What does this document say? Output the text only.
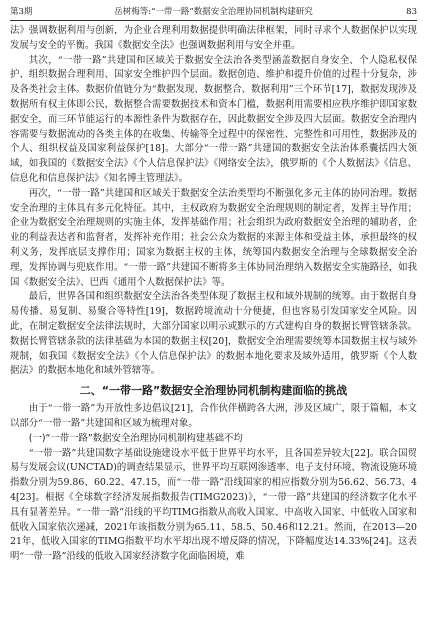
第3期	岳树梅等:“一带一路”数据安全治理协同机制构建研究	83

法》强调数据利用与创新，为企业合理利用数据提供明确法律框架，同时寻求个人数据保护以实现发展与安全的平衡。我国《数据安全法》也强调数据利用与安全并重。

其次，“一带一路”共建国和区域关于数据安全法治各类型涵盖数据自身安全、个人隐私权保护、组织数据合理利用、国家安全维护四个层面。数据创造、维护和提升价值的过程十分复杂，涉及各类社会主体。数据价值链分为“数据发现、数据整合、数据利用”三个环节[17]，数据发现涉及数据所有权主体即公民，数据整合需要数据技术和资本门槛，数据利用需要相应秩序维护即国家数据安全，而三环节能运行的本源性条件为数据存在，因此数据安全涉及四大层面。数据安全治理内容需要与数据流动的各类主体的在收集、传输等全过程中的保密性、完整性和可用性，数据涉及的个人、组织权益及国家利益保护[18]。大部分“一带一路”共建国的数据安全法治体系囊括四大领域，如我国的《数据安全法》《个人信息保护法》《网络安全法》，俄罗斯的《个人数据法》《信息、信息化和信息保护法》《知名博主管理法》。

再次，“一带一路”共建国和区域关于数据安全法治类型均不断强化多元主体的协同治理。数据安全治理的主体具有多元化特征。其中，主权政府为数据安全治理规则的制定者，发挥主导作用；企业为数据安全治理规则的实施主体，发挥基础作用；社会组织为政府数据安全治理的辅助者，企业的利益表达者和监督者，发挥补充作用；社会公众为数据的来源主体和受益主体，承担最终的权利义务，发挥底层支撑作用；国家为数据主权的主体，统筹国内数据安全治理与全球数据安全治理，发挥协调与兜底作用。“一带一路”共建国不断将多主体协同治理纳入数据安全实施路径，如我国《数据安全法》、巴西《通用个人数据保护法》等。

最后，世界各国和组织数据安全法治各类型体现了数据主权和域外规制的统筹。由于数据自身易传播、易复制、易聚合等特性[19]，数据跨境流动十分便捷，但也容易引发国家安全风险。因此，在制定数据安全法律法规时，大部分国家以明示或默示的方式建构自身的数据长臂管辖条款。数据长臂管辖条款的法律基础为本国的数据主权[20]，数据安全治理需要统筹本国数据主权与域外规制，如我国《数据安全法》《个人信息保护法》的数据本地化要求及域外适用，俄罗斯《个人数据法》的数据本地化和域外管辖等。

二、“一带一路”数据安全治理协同机制构建面临的挑战

由于“一带一路”为开放性多边倡议[21]，合作伙伴横跨各大洲，涉及区域广，限于篇幅，本文以部分“一带一路”共建国和区域为梳理对象。

(一)“一带一路”数据安全治理协同机制构建基础不均

“一带一路”共建国数字基础设施建设水平低于世界平均水平，且各国差异较大[22]。联合国贸易与发展会议(UNCTAD)的调查结果显示，世界平均互联网渗透率、电子支付环境、物流设施环境指数分别为59.86、60.22、47.15，而“一带一路”沿线国家的相应指数分别为56.62、56.73、44[23]。根据《全球数字经济发展指数报告(TIMG2023)》，“一带一路”共建国的经济数字化水平具有显著差异。“一带一路”沿线的平均TIMG指数从高收入国家、中高收入国家、中低收入国家和低收入国家依次递减，2021年该指数分别为65.11、58.5、50.46和12.21。然而，在2013—2021年，低收入国家的TIMG指数平均水平却出现不增反降的情况，下降幅度达14.33%[24]。这表明“一带一路”沿线的低收入国家经济数字化面临困境，难
